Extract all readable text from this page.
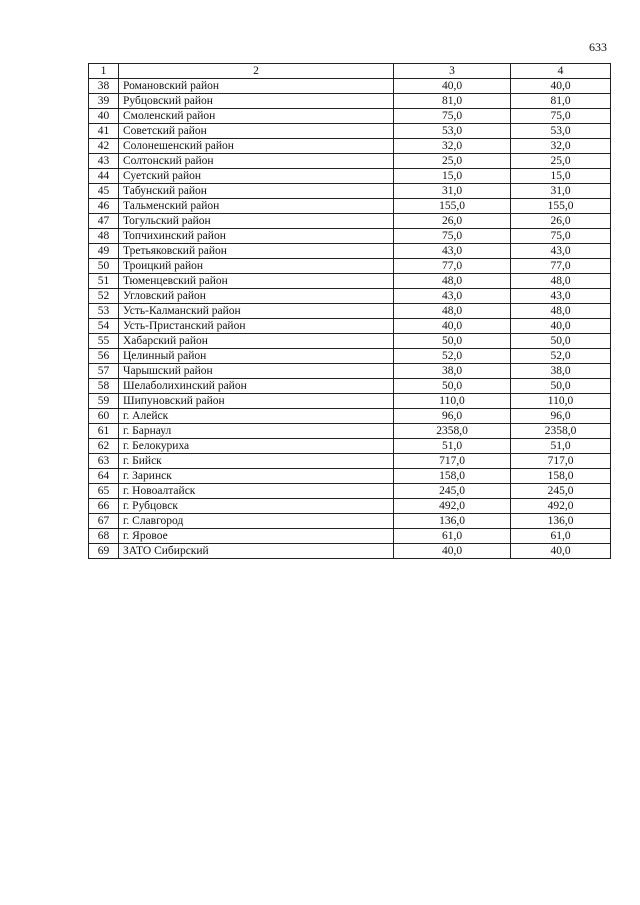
633
1	2	3	4
38	Романовский район	40,0	40,0
39	Рубцовский район	81,0	81,0
40	Смоленский район	75,0	75,0
41	Советский район	53,0	53,0
42	Солонешенский район	32,0	32,0
43	Солтонский район	25,0	25,0
44	Суетский район	15,0	15,0
45	Табунский район	31,0	31,0
46	Тальменский район	155,0	155,0
47	Тогульский район	26,0	26,0
48	Топчихинский район	75,0	75,0
49	Третьяковский район	43,0	43,0
50	Троицкий район	77,0	77,0
51	Тюменцевский район	48,0	48,0
52	Угловский район	43,0	43,0
53	Усть-Калманский район	48,0	48,0
54	Усть-Пристанский район	40,0	40,0
55	Хабарский район	50,0	50,0
56	Целинный район	52,0	52,0
57	Чарышский район	38,0	38,0
58	Шелаболихинский район	50,0	50,0
59	Шипуновский район	110,0	110,0
60	г. Алейск	96,0	96,0
61	г. Барнаул	2358,0	2358,0
62	г. Белокуриха	51,0	51,0
63	г. Бийск	717,0	717,0
64	г. Заринск	158,0	158,0
65	г. Новоалтайск	245,0	245,0
66	г. Рубцовск	492,0	492,0
67	г. Славгород	136,0	136,0
68	г. Яровое	61,0	61,0
69	ЗАТО Сибирский	40,0	40,0
